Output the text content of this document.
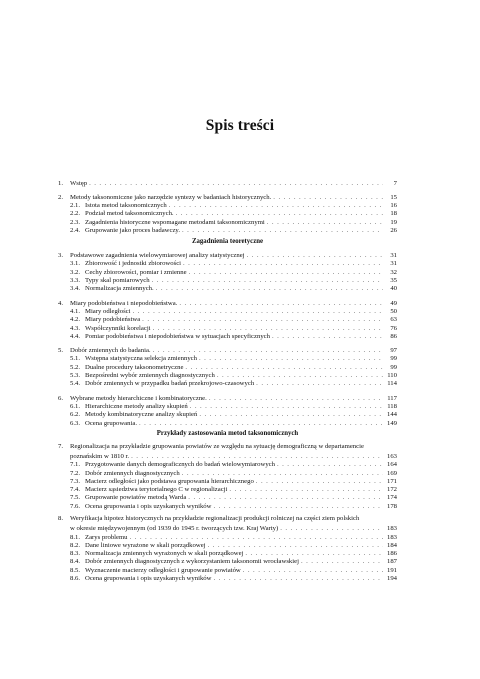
Spis treści
1.	Wstęp . . .	7
2.	Metody taksonomiczne jako narzędzie syntezy w badaniach historycznych. . . .	15
2.1. Istota metod taksonomicznych . . .	16
2.2. Podział metod taksonomicznych. . . .	18
2.3. Zagadnienia historyczne wspomagane metodami taksonomicznymi . . .	19
2.4. Grupowanie jako proces badawczy. . . .	26
Zagadnienia teoretyczne
3.	Podstawowe zagadnienia wielowymiarowej analizy statystycznej . . .	31
3.1. Zbiorowość i jednostki zbiorowości . . .	31
3.2. Cechy zbiorowości, pomiar i zmienne . . .	32
3.3. Typy skal pomiarowych . . .	35
3.4. Normalizacja zmiennych. . . .	40
4.	Miary podobieństwa i niepodobieństwa. . . .	49
4.1. Miary odległości . . .	50
4.2. Miary podobieństwa . . .	63
4.3. Współczynniki korelacji . . .	76
4.4. Pomiar podobieństwa i niepodobieństwa w sytuacjach specyficznych . . .	86
5.	Dobór zmiennych do badania. . . .	97
5.1. Wstępna statystyczna selekcja zmiennych . . .	99
5.2. Dualne procedury taksonometryczne . . .	99
5.3. Bezpośredni wybór zmiennych diagnostycznych . . .	110
5.4. Dobór zmiennych w przypadku badań przekrojowo-czasowych . . .	114
6.	Wybrane metody hierarchiczne i kombinatoryczne. . . .	117
6.1. Hierarchiczne metody analizy skupień . . .	118
6.2. Metody kombinatoryczne analizy skupień . . .	144
6.3. Ocena grupowania. . . .	149
Przykłady zastosowania metod taksonomicznych
7.	Regionalizacja na przykładzie grupowania powiatów ze względu na sytuację demograficzną w departamencie
poznańskim w 1810 r. . . .	163
7.1. Przygotowanie danych demograficznych do badań wielowymiarowych . . .	164
7.2. Dobór zmiennych diagnostycznych . . .	169
7.3. Macierz odległości jako podstawa grupowania hierarchicznego . . .	171
7.4. Macierz sąsiedztwa terytorialnego C w regionalizacji . . .	172
7.5. Grupowanie powiatów metodą Warda . . .	174
7.6. Ocena grupowania i opis uzyskanych wyników . . .	178
8.	Weryfikacja hipotez historycznych na przykładzie regionalizacji produkcji rolniczej na części ziem polskich
w okresie międzywojennym (od 1939 do 1945 r. tworzących tzw. Kraj Warty) . . .	183
8.1. Zarys problemu . . .	183
8.2. Dane liniowe wyrażone w skali porządkowej . . .	184
8.3. Normalizacja zmiennych wyrażonych w skali porządkowej . . .	186
8.4. Dobór zmiennych diagnostycznych z wykorzystaniem taksonomii wrocławskiej . . .	187
8.5. Wyznaczenie macierzy odległości i grupowanie powiatów . . .	191
8.6. Ocena grupowania i opis uzyskanych wyników . . .	194
